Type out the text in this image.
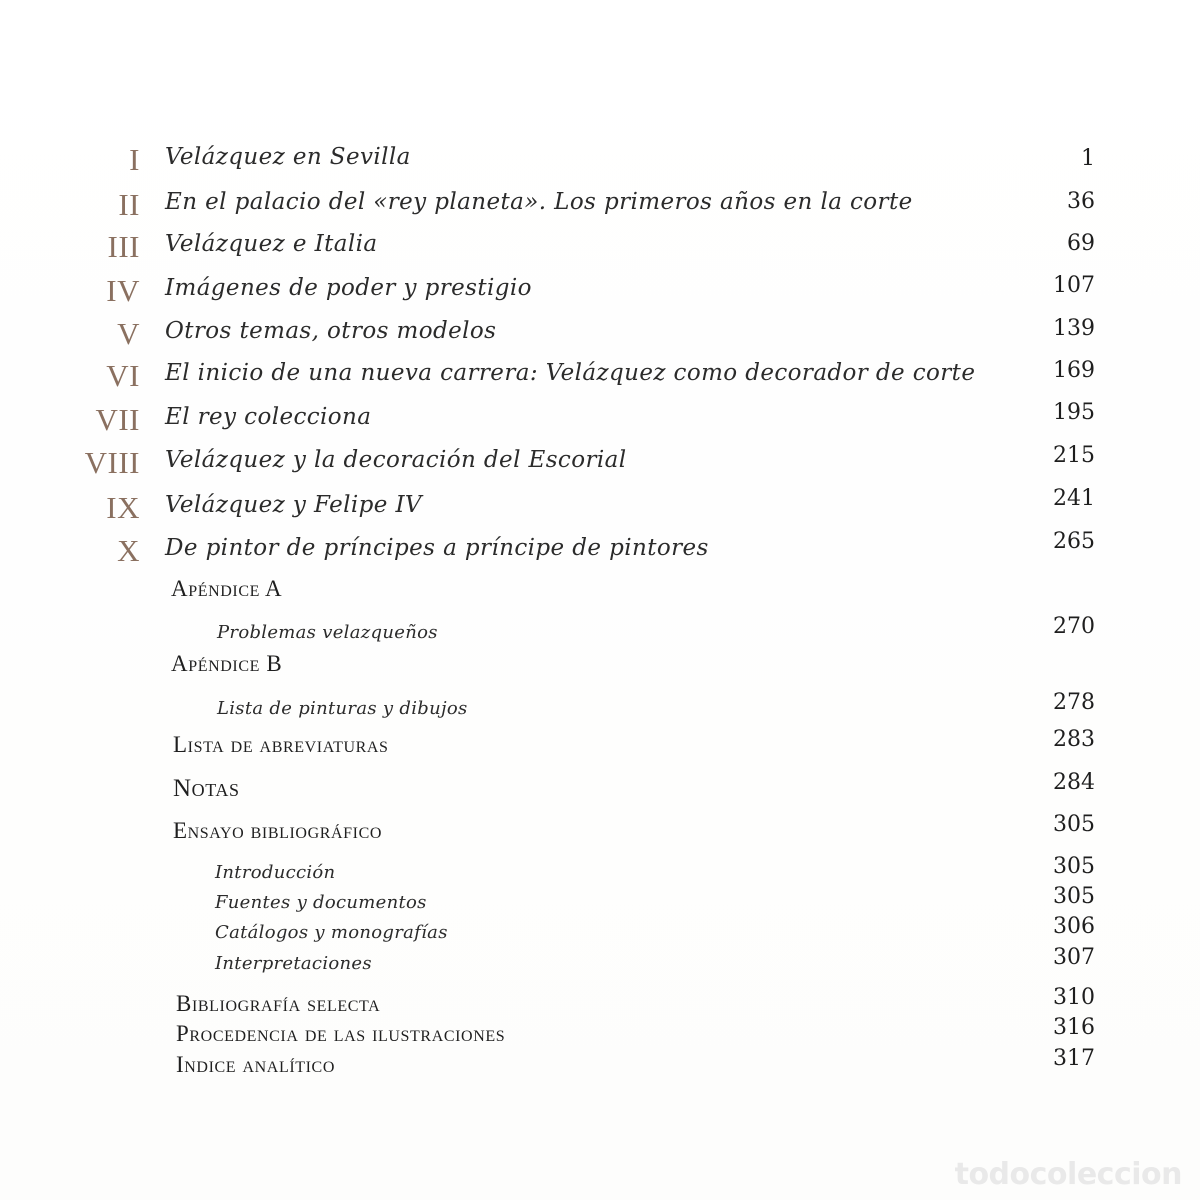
I Velázquez en Sevilla	1
II En el palacio del «rey planeta». Los primeros años en la corte	36
III Velázquez e Italia	69
IV Imágenes de poder y prestigio	107
V Otros temas, otros modelos	139
VI El inicio de una nueva carrera: Velázquez como decorador de corte	169
VII El rey colecciona	195
VIII Velázquez y la decoración del Escorial	215
IX Velázquez y Felipe IV	241
X De pintor de príncipes a príncipe de pintores	265
Apéndice A
Problemas velazqueños	270
Apéndice B
Lista de pinturas y dibujos	278
Lista de abreviaturas	283
Notas	284
Ensayo bibliográfico	305
Introducción	305
Fuentes y documentos	305
Catálogos y monografías	306
Interpretaciones	307
Bibliografía selecta	310
Procedencia de las ilustraciones	316
Indice analítico	317
todocoleccion
